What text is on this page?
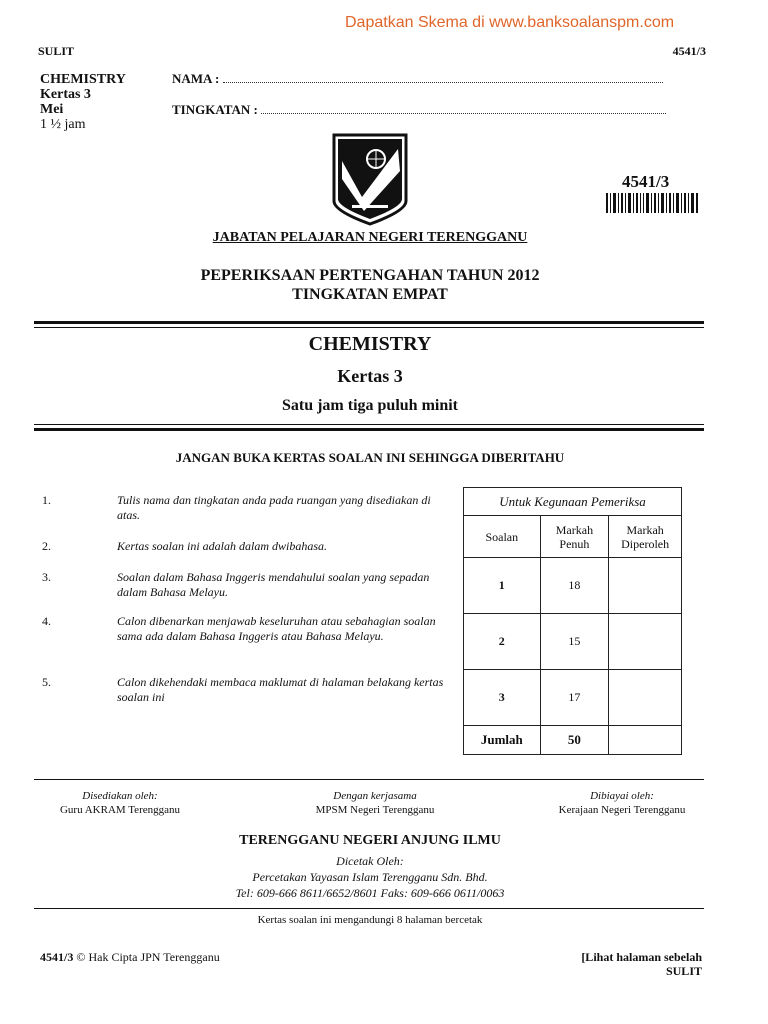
Dapatkan Skema di www.banksoalanspm.com
SULIT	4541/3
CHEMISTRY
Kertas 3
Mei
1 ½ jam
NAMA :
TINGKATAN :
4541/3
JABATAN PELAJARAN NEGERI TERENGGANU
PEPERIKSAAN PERTENGAHAN TAHUN 2012
TINGKATAN EMPAT
CHEMISTRY
Kertas 3
Satu jam tiga puluh minit
JANGAN BUKA KERTAS SOALAN INI SEHINGGA DIBERITAHU
1.	Tulis nama dan tingkatan anda pada ruangan yang disediakan di atas.
2.	Kertas soalan ini adalah dalam dwibahasa.
3.	Soalan dalam Bahasa Inggeris mendahului soalan yang sepadan dalam Bahasa Melayu.
4.	Calon dibenarkan menjawab keseluruhan atau sebahagian soalan sama ada dalam Bahasa Inggeris atau Bahasa Melayu.
5.	Calon dikehendaki membaca maklumat di halaman belakang kertas soalan ini
Untuk Kegunaan Pemeriksa		
Soalan	Markah Penuh	Markah Diperoleh
1	18	
2	15	
3	17	
Jumlah	50	
Disediakan oleh:
Guru AKRAM Terengganu
Dengan kerjasama
MPSM Negeri Terengganu
Dibiayai oleh:
Kerajaan Negeri Terengganu
TERENGGANU NEGERI ANJUNG ILMU
Dicetak Oleh:
Percetakan Yayasan Islam Terengganu Sdn. Bhd.
Tel: 609-666 8611/6652/8601 Faks: 609-666 0611/0063
Kertas soalan ini mengandungi 8 halaman bercetak
4541/3 © Hak Cipta JPN Terengganu	[Lihat halaman sebelah
SULIT
